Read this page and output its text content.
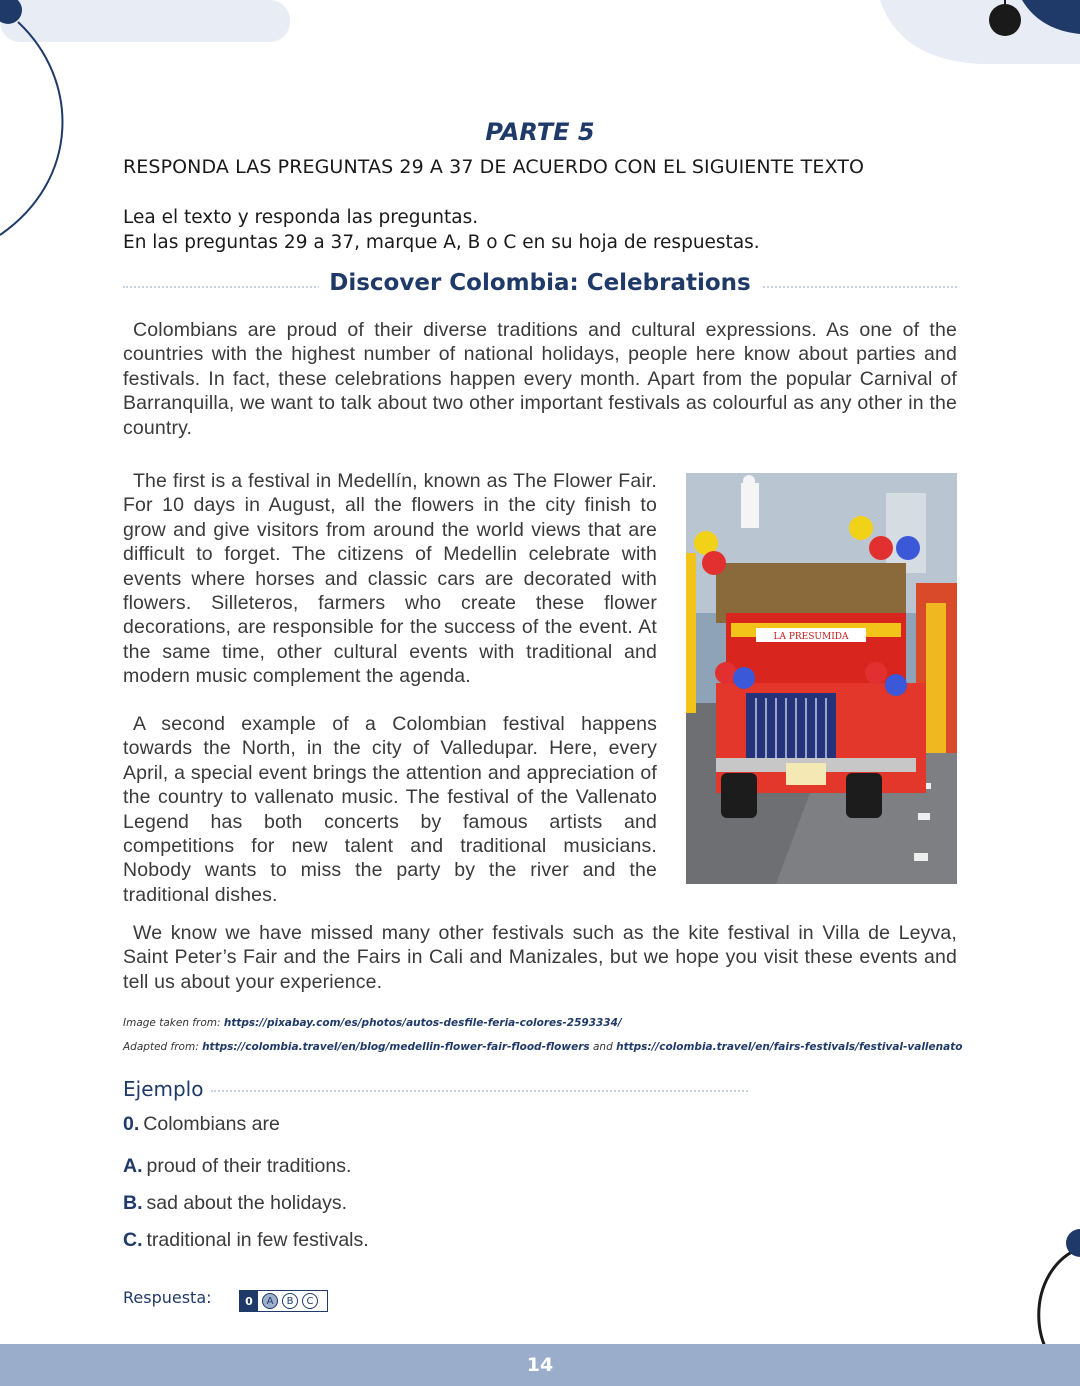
PARTE 5
RESPONDA LAS PREGUNTAS 29 A 37 DE ACUERDO CON EL SIGUIENTE TEXTO
Lea el texto y responda las preguntas.
En las preguntas 29 a 37, marque A, B o C en su hoja de respuestas.
Discover Colombia: Celebrations
Colombians are proud of their diverse traditions and cultural expressions. As one of the countries with the highest number of national holidays, people here know about parties and festivals. In fact, these celebrations happen every month. Apart from the popular Carnival of Barranquilla, we want to talk about two other important festivals as colourful as any other in the country.
The first is a festival in Medellín, known as The Flower Fair. For 10 days in August, all the flowers in the city finish to grow and give visitors from around the world views that are difficult to forget. The citizens of Medellin celebrate with events where horses and classic cars are decorated with flowers. Silleteros, farmers who create these flower decorations, are responsible for the success of the event. At the same time, other cultural events with traditional and modern music complement the agenda.
A second example of a Colombian festival happens towards the North, in the city of Valledupar. Here, every April, a special event brings the attention and appreciation of the country to vallenato music. The festival of the Vallenato Legend has both concerts by famous artists and competitions for new talent and traditional musicians. Nobody wants to miss the party by the river and the traditional dishes.
We know we have missed many other festivals such as the kite festival in Villa de Leyva, Saint Peter’s Fair and the Fairs in Cali and Manizales, but we hope you visit these events and tell us about your experience.
LA PRESUMIDA
Image taken from: https://pixabay.com/es/photos/autos-desfile-feria-colores-2593334/
Adapted from: https://colombia.travel/en/blog/medellin-flower-fair-flood-flowers and https://colombia.travel/en/fairs-festivals/festival-vallenato
Ejemplo
0. Colombians are
A. proud of their traditions.
B. sad about the holidays.
C. traditional in few festivals.
Respuesta:	0	A	B	C
14
